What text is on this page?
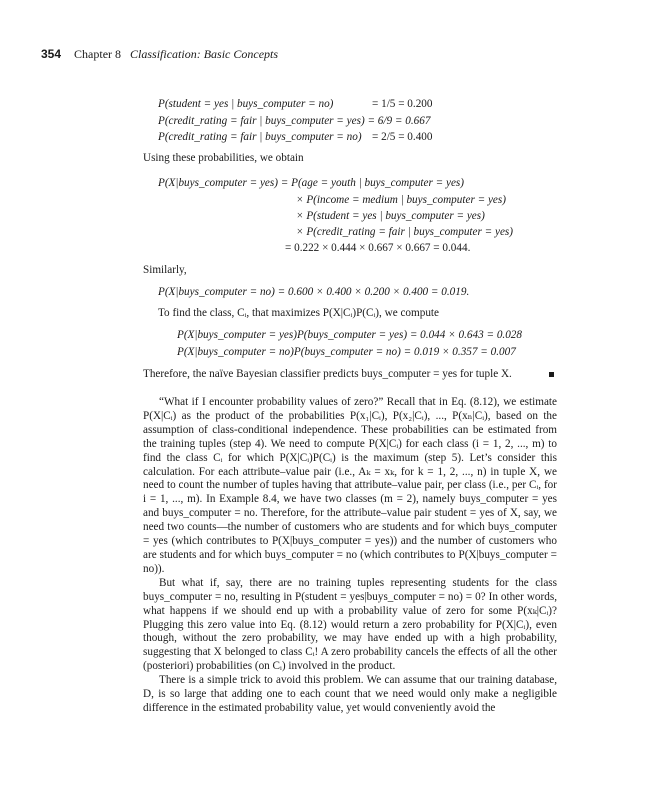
354 Chapter 8 Classification: Basic Concepts
P(student = yes | buys_computer = no)	= 1/5 = 0.200
P(credit_rating = fair | buys_computer = yes) = 6/9 = 0.667
P(credit_rating = fair | buys_computer = no) = 2/5 = 0.400
Using these probabilities, we obtain
P(X|buys_computer = yes) = P(age = youth | buys_computer = yes)
× P(income = medium | buys_computer = yes)
× P(student = yes | buys_computer = yes)
× P(credit_rating = fair | buys_computer = yes)
= 0.222 × 0.444 × 0.667 × 0.667 = 0.044.
Similarly,
P(X|buys_computer = no) = 0.600 × 0.400 × 0.200 × 0.400 = 0.019.
To find the class, Cᵢ, that maximizes P(X|Cᵢ)P(Cᵢ), we compute
P(X|buys_computer = yes)P(buys_computer = yes) = 0.044 × 0.643 = 0.028
P(X|buys_computer = no)P(buys_computer = no) = 0.019 × 0.357 = 0.007
Therefore, the naïve Bayesian classifier predicts buys_computer = yes for tuple X.

“What if I encounter probability values of zero?” Recall that in Eq. (8.12), we estimate P(X|Cᵢ) as the product of the probabilities P(x₁|Cᵢ), P(x₂|Cᵢ), ..., P(xₙ|Cᵢ), based on the assumption of class-conditional independence. These probabilities can be estimated from the training tuples (step 4). We need to compute P(X|Cᵢ) for each class (i = 1, 2, ..., m) to find the class Cᵢ for which P(X|Cᵢ)P(Cᵢ) is the maximum (step 5). Let’s consider this calculation. For each attribute–value pair (i.e., Aₖ = xₖ, for k = 1, 2, ..., n) in tuple X, we need to count the number of tuples having that attribute–value pair, per class (i.e., per Cᵢ, for i = 1, ..., m). In Example 8.4, we have two classes (m = 2), namely buys_computer = yes and buys_computer = no. Therefore, for the attribute–value pair student = yes of X, say, we need two counts—the number of customers who are students and for which buys_computer = yes (which contributes to P(X|buys_computer = yes)) and the number of customers who are students and for which buys_computer = no (which contributes to P(X|buys_computer = no)).

But what if, say, there are no training tuples representing students for the class buys_computer = no, resulting in P(student = yes|buys_computer = no) = 0? In other words, what happens if we should end up with a probability value of zero for some P(xₖ|Cᵢ)? Plugging this zero value into Eq. (8.12) would return a zero probability for P(X|Cᵢ), even though, without the zero probability, we may have ended up with a high probability, suggesting that X belonged to class Cᵢ! A zero probability cancels the effects of all the other (posteriori) probabilities (on Cᵢ) involved in the product.

There is a simple trick to avoid this problem. We can assume that our training database, D, is so large that adding one to each count that we need would only make a negligible difference in the estimated probability value, yet would conveniently avoid the
